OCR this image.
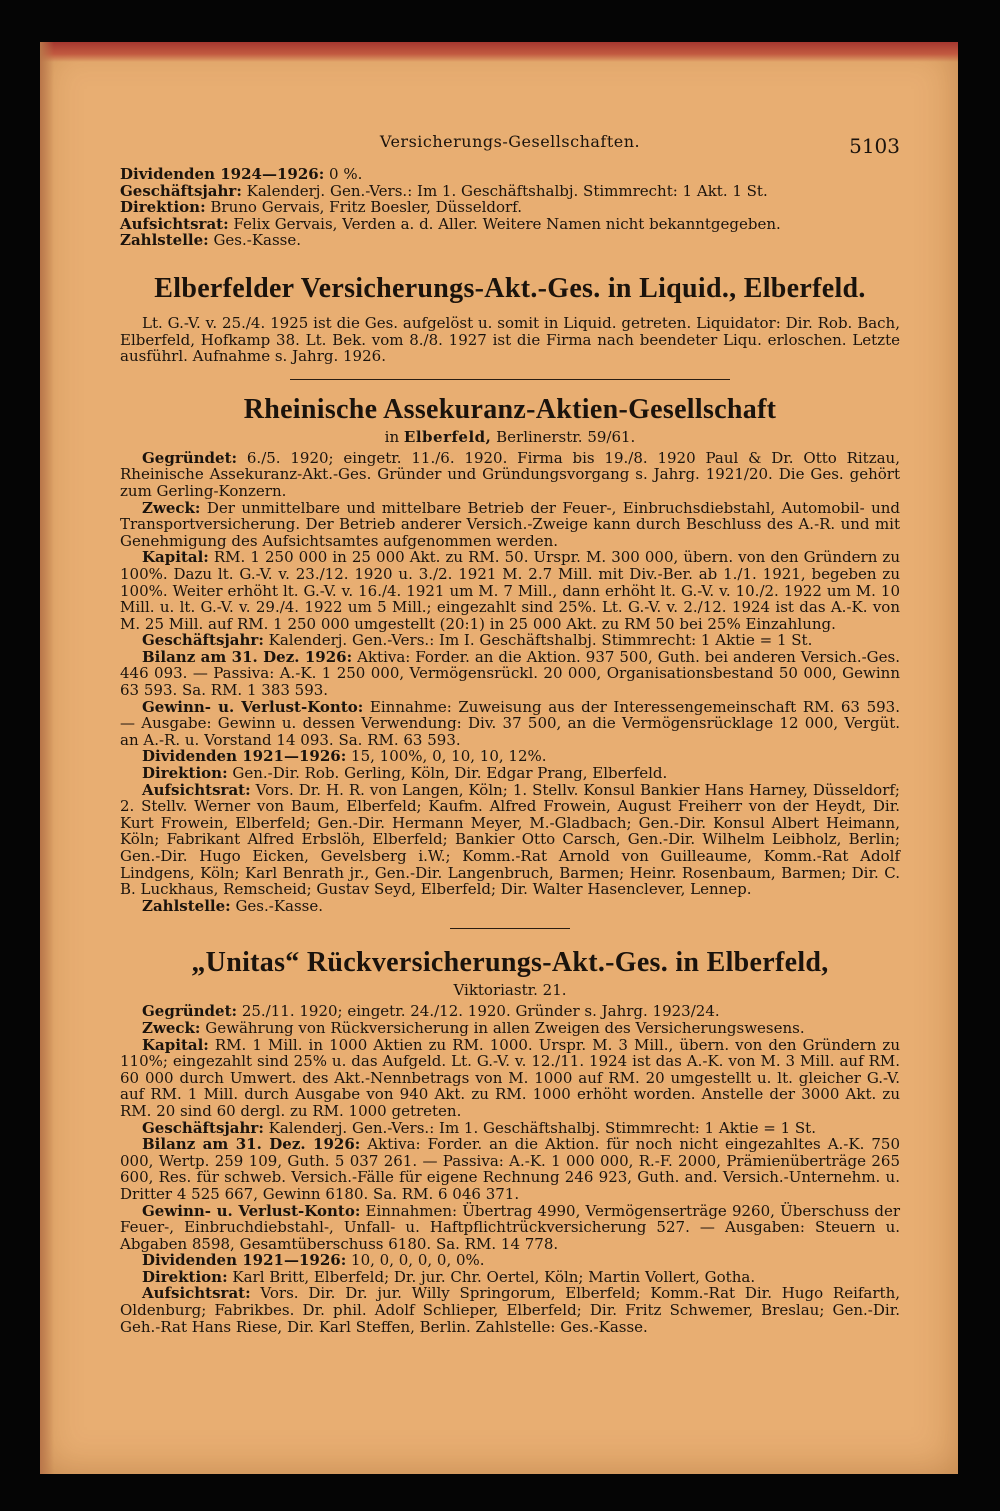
Versicherungs-Gesellschaften.	5103

Dividenden 1924—1926: 0 %.

Geschäftsjahr: Kalenderj. Gen.-Vers.: Im 1. Geschäftshalbj. Stimmrecht: 1 Akt. 1 St.

Direktion: Bruno Gervais, Fritz Boesler, Düsseldorf.

Aufsichtsrat: Felix Gervais, Verden a. d. Aller. Weitere Namen nicht bekanntgegeben.

Zahlstelle: Ges.-Kasse.

Elberfelder Versicherungs-Akt.-Ges. in Liquid., Elberfeld.

Lt. G.-V. v. 25./4. 1925 ist die Ges. aufgelöst u. somit in Liquid. getreten. Liquidator: Dir. Rob. Bach, Elberfeld, Hofkamp 38. Lt. Bek. vom 8./8. 1927 ist die Firma nach beendeter Liqu. erloschen. Letzte ausführl. Aufnahme s. Jahrg. 1926.

Rheinische Assekuranz-Aktien-Gesellschaft
in Elberfeld, Berlinerstr. 59/61.

Gegründet: 6./5. 1920; eingetr. 11./6. 1920. Firma bis 19./8. 1920 Paul & Dr. Otto Ritzau, Rheinische Assekuranz-Akt.-Ges. Gründer und Gründungsvorgang s. Jahrg. 1921/20. Die Ges. gehört zum Gerling-Konzern.

Zweck: Der unmittelbare und mittelbare Betrieb der Feuer-, Einbruchsdiebstahl, Automobil- und Transportversicherung. Der Betrieb anderer Versich.-Zweige kann durch Beschluss des A.-R. und mit Genehmigung des Aufsichtsamtes aufgenommen werden.

Kapital: RM. 1 250 000 in 25 000 Akt. zu RM. 50. Urspr. M. 300 000, übern. von den Gründern zu 100%. Dazu lt. G.-V. v. 23./12. 1920 u. 3./2. 1921 M. 2.7 Mill. mit Div.-Ber. ab 1./1. 1921, begeben zu 100%. Weiter erhöht lt. G.-V. v. 16./4. 1921 um M. 7 Mill., dann erhöht lt. G.-V. v. 10./2. 1922 um M. 10 Mill. u. lt. G.-V. v. 29./4. 1922 um 5 Mill.; eingezahlt sind 25%. Lt. G.-V. v. 2./12. 1924 ist das A.-K. von M. 25 Mill. auf RM. 1 250 000 umgestellt (20:1) in 25 000 Akt. zu RM 50 bei 25% Einzahlung.

Geschäftsjahr: Kalenderj. Gen.-Vers.: Im I. Geschäftshalbj. Stimmrecht: 1 Aktie = 1 St.

Bilanz am 31. Dez. 1926: Aktiva: Forder. an die Aktion. 937 500, Guth. bei anderen Versich.-Ges. 446 093. — Passiva: A.-K. 1 250 000, Vermögensrückl. 20 000, Organisationsbestand 50 000, Gewinn 63 593. Sa. RM. 1 383 593.

Gewinn- u. Verlust-Konto: Einnahme: Zuweisung aus der Interessengemeinschaft RM. 63 593. — Ausgabe: Gewinn u. dessen Verwendung: Div. 37 500, an die Vermögensrücklage 12 000, Vergüt. an A.-R. u. Vorstand 14 093. Sa. RM. 63 593.

Dividenden 1921—1926: 15, 100%, 0, 10, 10, 12%.

Direktion: Gen.-Dir. Rob. Gerling, Köln, Dir. Edgar Prang, Elberfeld.

Aufsichtsrat: Vors. Dr. H. R. von Langen, Köln; 1. Stellv. Konsul Bankier Hans Harney, Düsseldorf; 2. Stellv. Werner von Baum, Elberfeld; Kaufm. Alfred Frowein, August Freiherr von der Heydt, Dir. Kurt Frowein, Elberfeld; Gen.-Dir. Hermann Meyer, M.-Gladbach; Gen.-Dir. Konsul Albert Heimann, Köln; Fabrikant Alfred Erbslöh, Elberfeld; Bankier Otto Carsch, Gen.-Dir. Wilhelm Leibholz, Berlin; Gen.-Dir. Hugo Eicken, Gevelsberg i.W.; Komm.-Rat Arnold von Guilleaume, Komm.-Rat Adolf Lindgens, Köln; Karl Benrath jr., Gen.-Dir. Langenbruch, Barmen; Heinr. Rosenbaum, Barmen; Dir. C. B. Luckhaus, Remscheid; Gustav Seyd, Elberfeld; Dir. Walter Hasenclever, Lennep.

Zahlstelle: Ges.-Kasse.

„Unitas“ Rückversicherungs-Akt.-Ges. in Elberfeld,
Viktoriastr. 21.

Gegründet: 25./11. 1920; eingetr. 24./12. 1920. Gründer s. Jahrg. 1923/24.

Zweck: Gewährung von Rückversicherung in allen Zweigen des Versicherungswesens.

Kapital: RM. 1 Mill. in 1000 Aktien zu RM. 1000. Urspr. M. 3 Mill., übern. von den Gründern zu 110%; eingezahlt sind 25% u. das Aufgeld. Lt. G.-V. v. 12./11. 1924 ist das A.-K. von M. 3 Mill. auf RM. 60 000 durch Umwert. des Akt.-Nennbetrags von M. 1000 auf RM. 20 umgestellt u. lt. gleicher G.-V. auf RM. 1 Mill. durch Ausgabe von 940 Akt. zu RM. 1000 erhöht worden. Anstelle der 3000 Akt. zu RM. 20 sind 60 dergl. zu RM. 1000 getreten.

Geschäftsjahr: Kalenderj. Gen.-Vers.: Im 1. Geschäftshalbj. Stimmrecht: 1 Aktie = 1 St.

Bilanz am 31. Dez. 1926: Aktiva: Forder. an die Aktion. für noch nicht eingezahltes A.-K. 750 000, Wertp. 259 109, Guth. 5 037 261. — Passiva: A.-K. 1 000 000, R.-F. 2000, Prämienüberträge 265 600, Res. für schweb. Versich.-Fälle für eigene Rechnung 246 923, Guth. and. Versich.-Unternehm. u. Dritter 4 525 667, Gewinn 6180. Sa. RM. 6 046 371.

Gewinn- u. Verlust-Konto: Einnahmen: Übertrag 4990, Vermögenserträge 9260, Überschuss der Feuer-, Einbruchdiebstahl-, Unfall- u. Haftpflichtrückversicherung 527. — Ausgaben: Steuern u. Abgaben 8598, Gesamtüberschuss 6180. Sa. RM. 14 778.

Dividenden 1921—1926: 10, 0, 0, 0, 0, 0%.

Direktion: Karl Britt, Elberfeld; Dr. jur. Chr. Oertel, Köln; Martin Vollert, Gotha.

Aufsichtsrat: Vors. Dir. Dr. jur. Willy Springorum, Elberfeld; Komm.-Rat Dir. Hugo Reifarth, Oldenburg; Fabrikbes. Dr. phil. Adolf Schlieper, Elberfeld; Dir. Fritz Schwemer, Breslau; Gen.-Dir. Geh.-Rat Hans Riese, Dir. Karl Steffen, Berlin. Zahlstelle: Ges.-Kasse.
